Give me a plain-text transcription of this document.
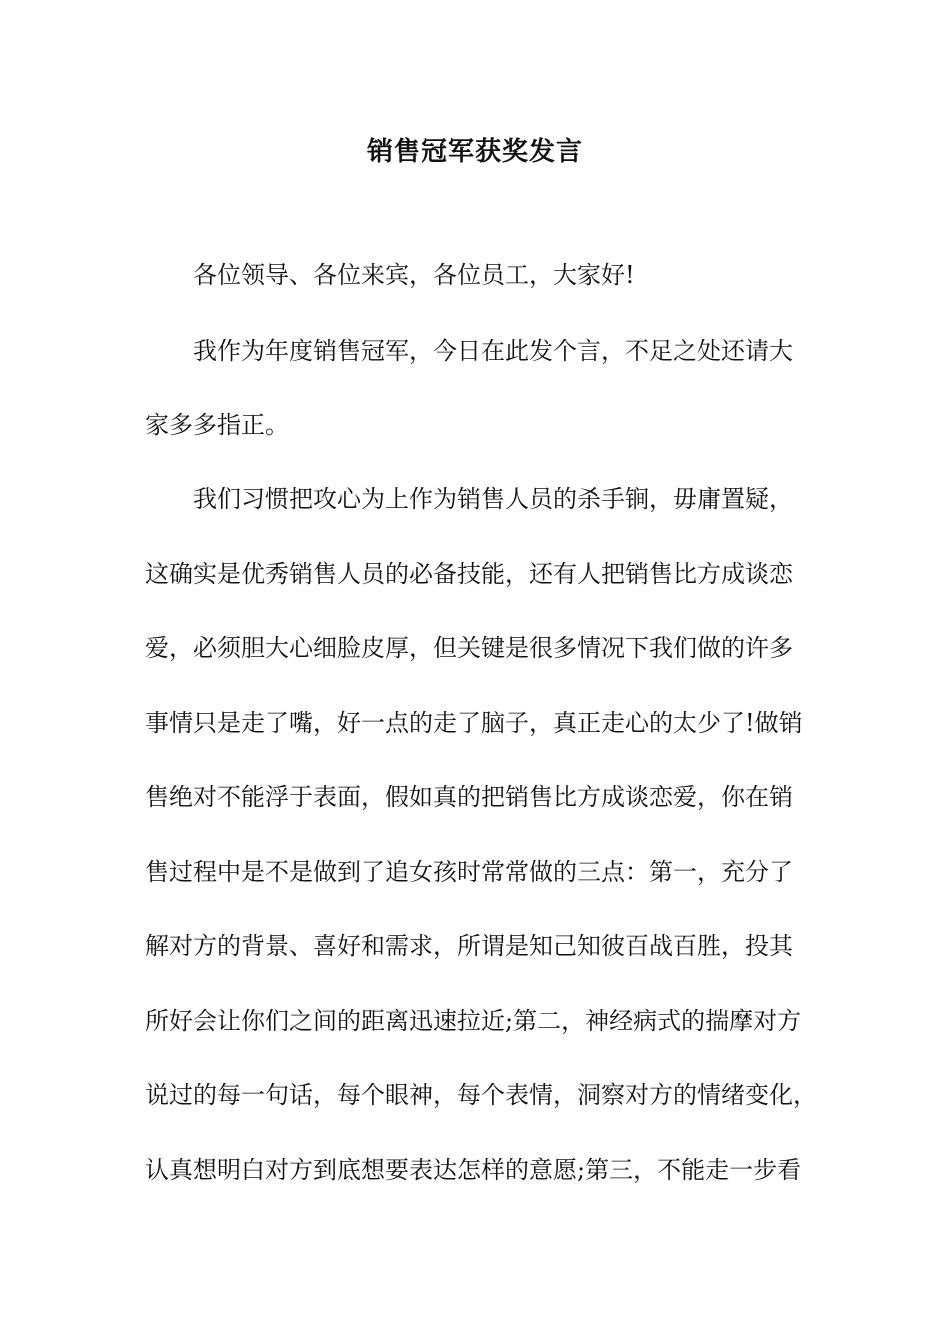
销售冠军获奖发言

各位领导、各位来宾，各位员工，大家好!

我作为年度销售冠军，今日在此发个言，不足之处还请大

家多多指正。

我们习惯把攻心为上作为销售人员的杀手锏，毋庸置疑，

这确实是优秀销售人员的必备技能，还有人把销售比方成谈恋

爱，必须胆大心细脸皮厚，但关键是很多情况下我们做的许多

事情只是走了嘴，好一点的走了脑子，真正走心的太少了!做销

售绝对不能浮于表面，假如真的把销售比方成谈恋爱，你在销

售过程中是不是做到了追女孩时常常做的三点：第一，充分了

解对方的背景、喜好和需求，所谓是知己知彼百战百胜，投其

所好会让你们之间的距离迅速拉近;第二，神经病式的揣摩对方

说过的每一句话，每个眼神，每个表情，洞察对方的情绪变化，

认真想明白对方到底想要表达怎样的意愿;第三，不能走一步看
